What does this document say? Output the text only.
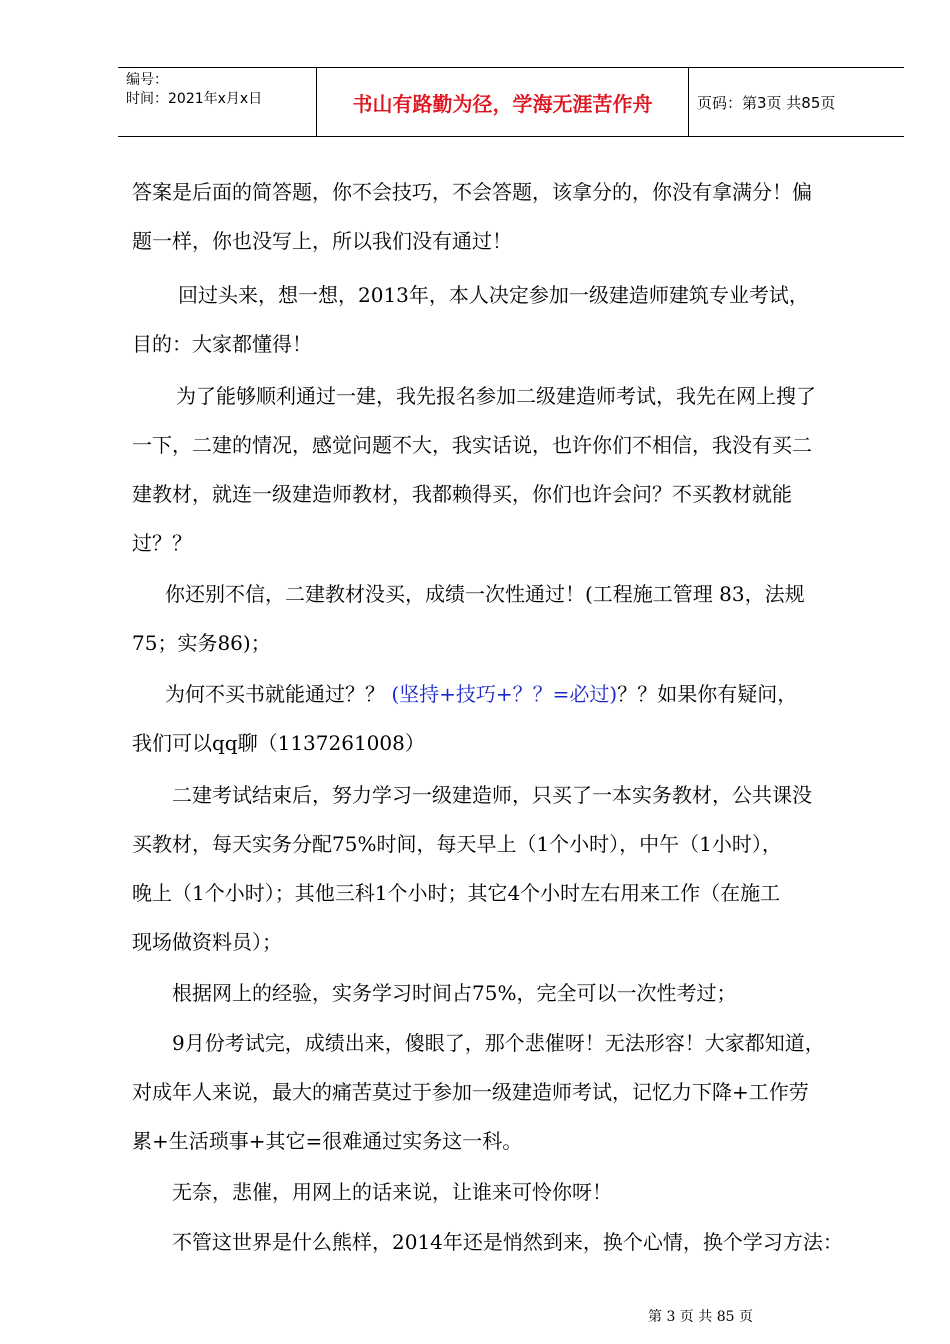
编号：
时间：2021年x月x日	书山有路勤为径，学海无涯苦作舟	页码：第3页 共85页
答案是后面的简答题，你不会技巧，不会答题，该拿分的，你没有拿满分！偏
题一样，你也没写上，所以我们没有通过！
回过头来，想一想，2013年，本人决定参加一级建造师建筑专业考试，
目的：大家都懂得！
为了能够顺利通过一建，我先报名参加二级建造师考试，我先在网上搜了
一下，二建的情况，感觉问题不大，我实话说，也许你们不相信，我没有买二
建教材，就连一级建造师教材，我都赖得买，你们也许会问？不买教材就能
过？？
你还别不信，二建教材没买，成绩一次性通过！(工程施工管理 83，法规
75；实务86)；
为何不买书就能通过？？ (坚持+技巧+？？=必过)？？如果你有疑问，
我们可以qq聊（1137261008）
二建考试结束后，努力学习一级建造师，只买了一本实务教材，公共课没
买教材，每天实务分配75%时间，每天早上（1个小时），中午（1小时），
晚上（1个小时）；其他三科1个小时；其它4个小时左右用来工作（在施工
现场做资料员）；
根据网上的经验，实务学习时间占75%，完全可以一次性考过；
9月份考试完，成绩出来，傻眼了，那个悲催呀！无法形容！大家都知道，
对成年人来说，最大的痛苦莫过于参加一级建造师考试，记忆力下降+工作劳
累+生活琐事+其它=很难通过实务这一科。
无奈，悲催，用网上的话来说，让谁来可怜你呀！
不管这世界是什么熊样，2014年还是悄然到来，换个心情，换个学习方法：
第 3 页 共 85 页
